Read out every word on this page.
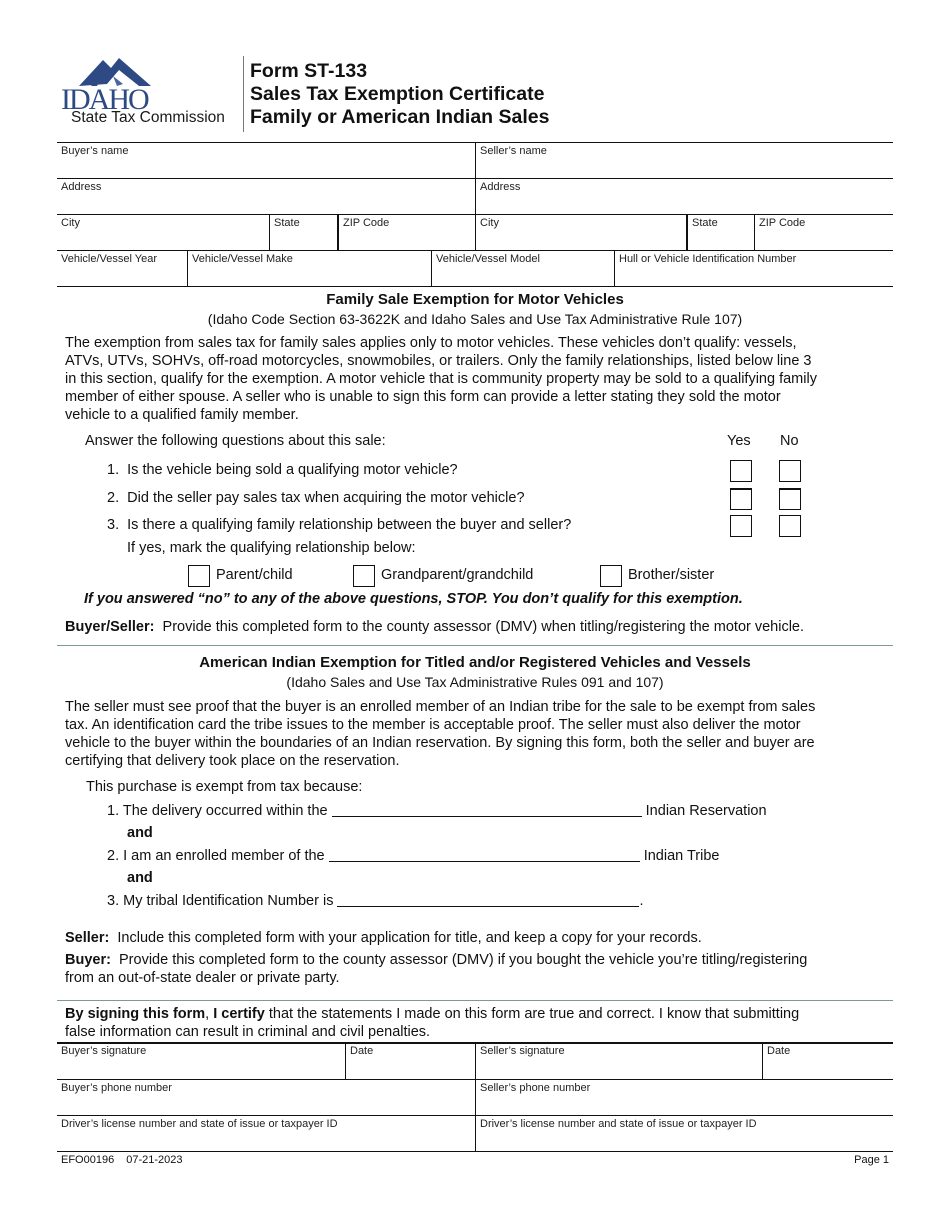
IDAHO
State Tax Commission
Form ST-133
Sales Tax Exemption Certificate
Family or American Indian Sales
Buyer’s name	Seller’s name
Address	Address
City	State	ZIP Code	City	State	ZIP Code
Vehicle/Vessel Year	Vehicle/Vessel Make	Vehicle/Vessel Model	Hull or Vehicle Identification Number
Family Sale Exemption for Motor Vehicles
(Idaho Code Section 63-3622K and Idaho Sales and Use Tax Administrative Rule 107)
The exemption from sales tax for family sales applies only to motor vehicles. These vehicles don’t qualify: vessels,
ATVs, UTVs, SOHVs, off-road motorcycles, snowmobiles, or trailers. Only the family relationships, listed below line 3
in this section, qualify for the exemption. A motor vehicle that is community property may be sold to a qualifying family
member of either spouse. A seller who is unable to sign this form can provide a letter stating they sold the motor
vehicle to a qualified family member.
Answer the following questions about this sale:	Yes No
1. Is the vehicle being sold a qualifying motor vehicle?
2. Did the seller pay sales tax when acquiring the motor vehicle?
3. Is there a qualifying family relationship between the buyer and seller?
If yes, mark the qualifying relationship below:
Parent/child	Grandparent/grandchild	Brother/sister
If you answered “no” to any of the above questions, STOP. You don’t qualify for this exemption.
Buyer/Seller: Provide this completed form to the county assessor (DMV) when titling/registering the motor vehicle.
American Indian Exemption for Titled and/or Registered Vehicles and Vessels
(Idaho Sales and Use Tax Administrative Rules 091 and 107)
The seller must see proof that the buyer is an enrolled member of an Indian tribe for the sale to be exempt from sales
tax. An identification card the tribe issues to the member is acceptable proof. The seller must also deliver the motor
vehicle to the buyer within the boundaries of an Indian reservation. By signing this form, both the seller and buyer are
certifying that delivery took place on the reservation.
This purchase is exempt from tax because:
1. The delivery occurred within the	Indian Reservation
and
2. I am an enrolled member of the	Indian Tribe
and
3. My tribal Identification Number is	.
Seller: Include this completed form with your application for title, and keep a copy for your records.
Buyer: Provide this completed form to the county assessor (DMV) if you bought the vehicle you’re titling/registering
from an out-of-state dealer or private party.
By signing this form, I certify that the statements I made on this form are true and correct. I know that submitting
false information can result in criminal and civil penalties.
Buyer’s signature	Date	Seller’s signature	Date
Buyer’s phone number	Seller’s phone number
Driver’s license number and state of issue or taxpayer ID	Driver’s license number and state of issue or taxpayer ID
EFO00196 07-21-2023	Page 1
